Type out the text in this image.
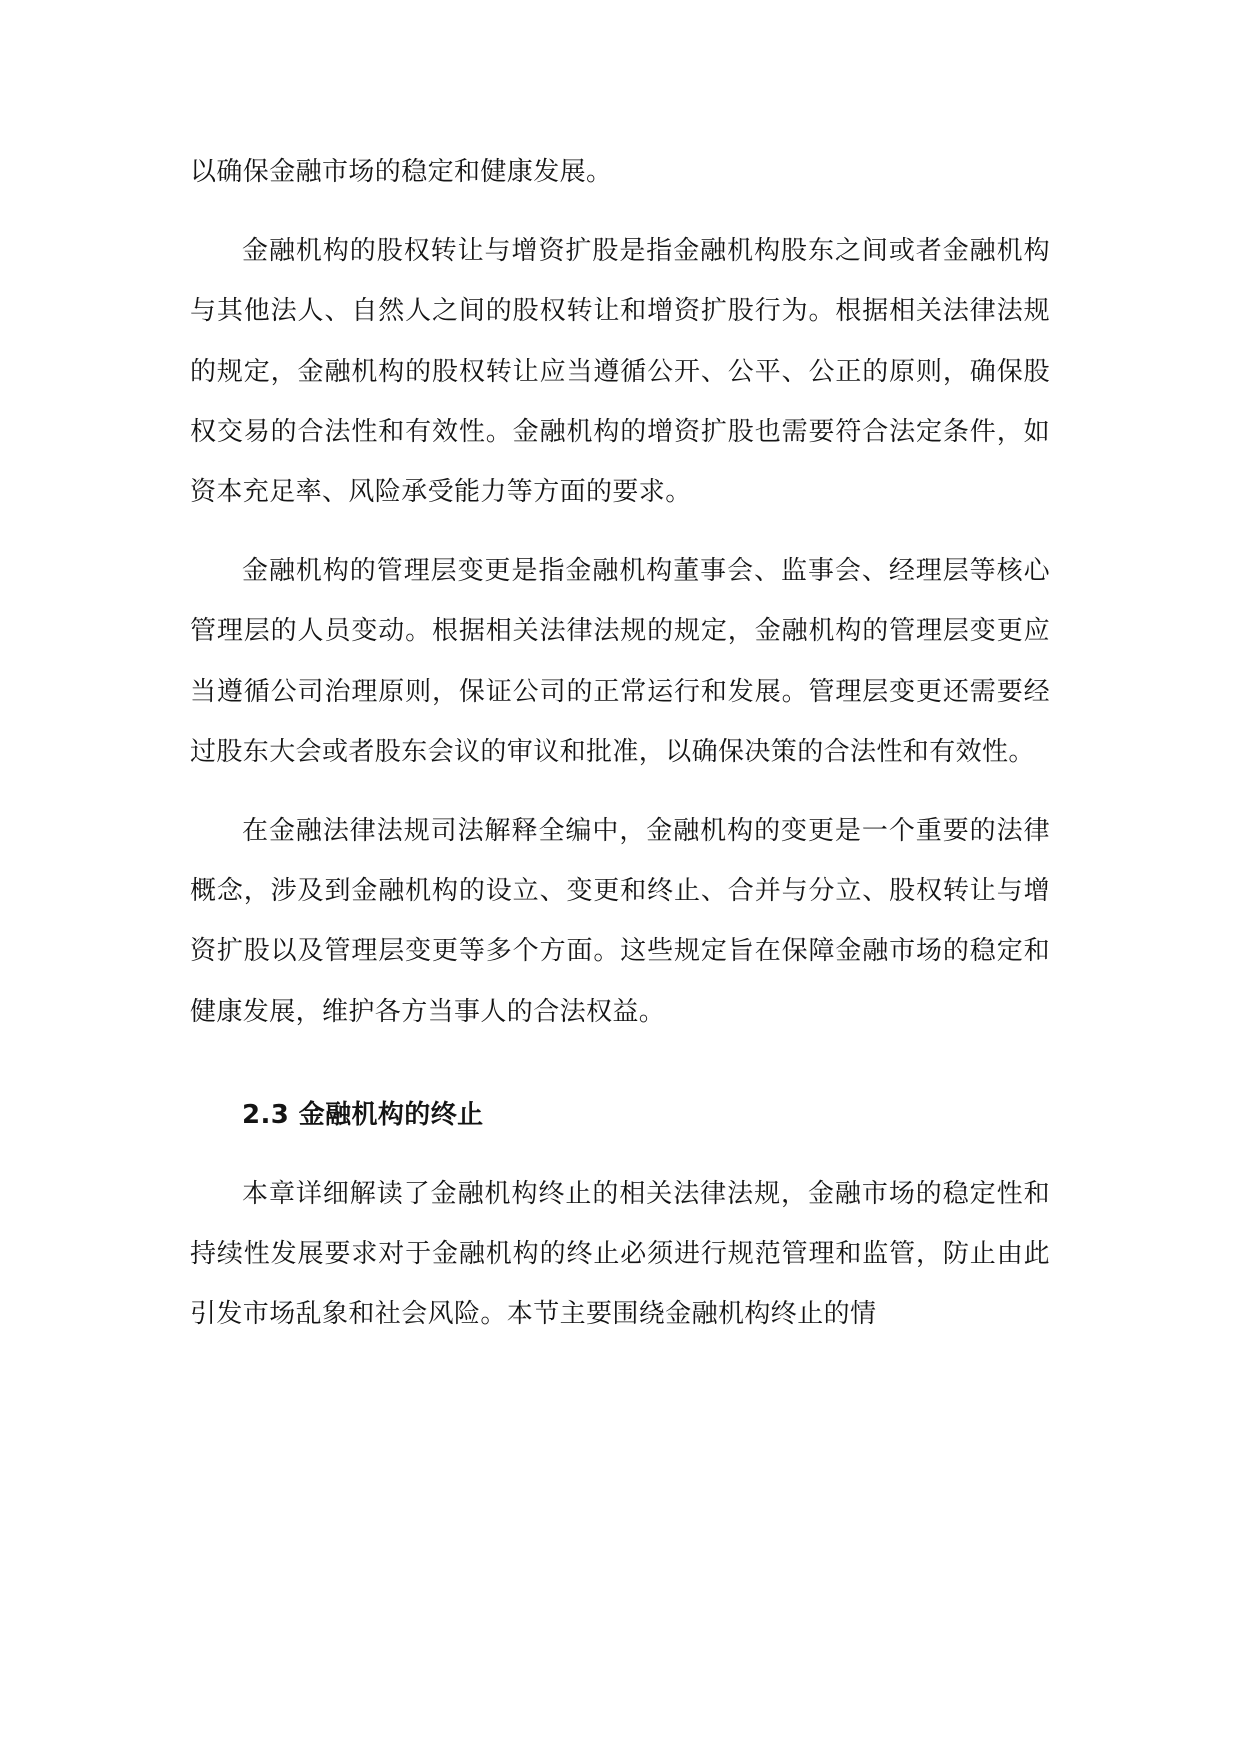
以确保金融市场的稳定和健康发展。

金融机构的股权转让与增资扩股是指金融机构股东之间或者金融机构与其他法人、自然人之间的股权转让和增资扩股行为。根据相关法律法规的规定，金融机构的股权转让应当遵循公开、公平、公正的原则，确保股权交易的合法性和有效性。金融机构的增资扩股也需要符合法定条件，如资本充足率、风险承受能力等方面的要求。

金融机构的管理层变更是指金融机构董事会、监事会、经理层等核心管理层的人员变动。根据相关法律法规的规定，金融机构的管理层变更应当遵循公司治理原则，保证公司的正常运行和发展。管理层变更还需要经过股东大会或者股东会议的审议和批准，以确保决策的合法性和有效性。

在金融法律法规司法解释全编中，金融机构的变更是一个重要的法律概念，涉及到金融机构的设立、变更和终止、合并与分立、股权转让与增资扩股以及管理层变更等多个方面。这些规定旨在保障金融市场的稳定和健康发展，维护各方当事人的合法权益。

2.3 金融机构的终止

本章详细解读了金融机构终止的相关法律法规，金融市场的稳定性和持续性发展要求对于金融机构的终止必须进行规范管理和监管，防止由此引发市场乱象和社会风险。本节主要围绕金融机构终止的情
